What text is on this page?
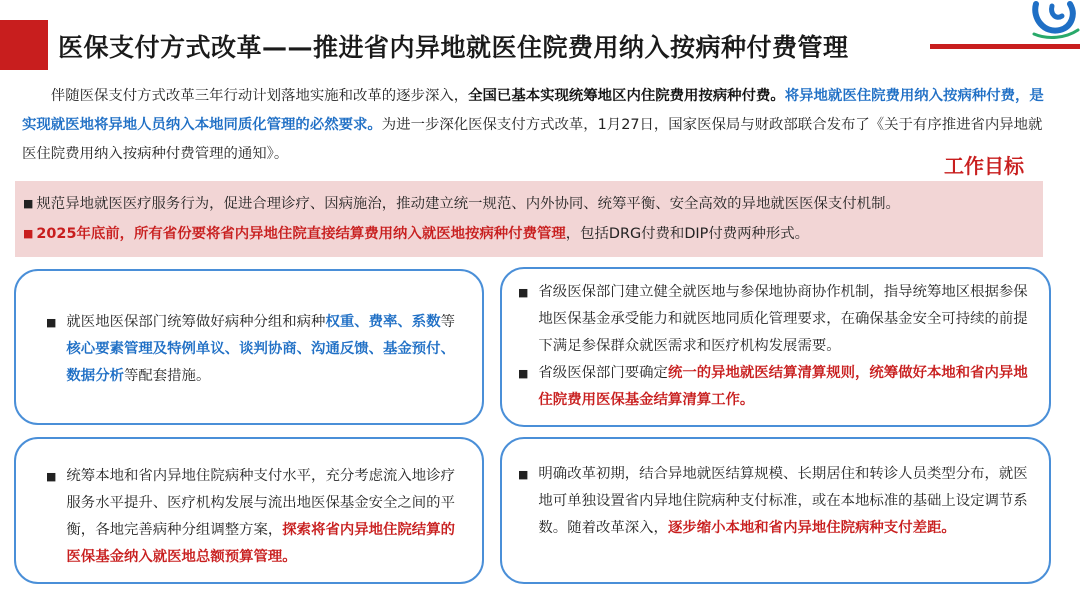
医保支付方式改革——推进省内异地就医住院费用纳入按病种付费管理

伴随医保支付方式改革三年行动计划落地实施和改革的逐步深入，全国已基本实现统筹地区内住院费用按病种付费。将异地就医住院费用纳入按病种付费，是实现就医地将异地人员纳入本地同质化管理的必然要求。为进一步深化医保支付方式改革，1月27日，国家医保局与财政部联合发布了《关于有序推进省内异地就医住院费用纳入按病种付费管理的通知》。	工作目标

■ 规范异地就医医疗服务行为，促进合理诊疗、因病施治，推动建立统一规范、内外协同、统筹平衡、安全高效的异地就医医保支付机制。
■ 2025年底前，所有省份要将省内异地住院直接结算费用纳入就医地按病种付费管理，包括DRG付费和DIP付费两种形式。
■ 就医地医保部门统筹做好病种分组和病种权重、费率、系数等核心要素管理及特例单议、谈判协商、沟通反馈、基金预付、数据分析等配套措施。

■ 省级医保部门建立健全就医地与参保地协商协作机制，指导统筹地区根据参保地医保基金承受能力和就医地同质化管理要求，在确保基金安全可持续的前提下满足参保群众就医需求和医疗机构发展需要。

■ 省级医保部门要确定统一的异地就医结算清算规则，统筹做好本地和省内异地住院费用医保基金结算清算工作。

■ 统筹本地和省内异地住院病种支付水平，充分考虑流入地诊疗服务水平提升、医疗机构发展与流出地医保基金安全之间的平衡，各地完善病种分组调整方案，探索将省内异地住院结算的医保基金纳入就医地总额预算管理。

■ 明确改革初期，结合异地就医结算规模、长期居住和转诊人员类型分布，就医地可单独设置省内异地住院病种支付标准，或在本地标准的基础上设定调节系数。随着改革深入，逐步缩小本地和省内异地住院病种支付差距。
